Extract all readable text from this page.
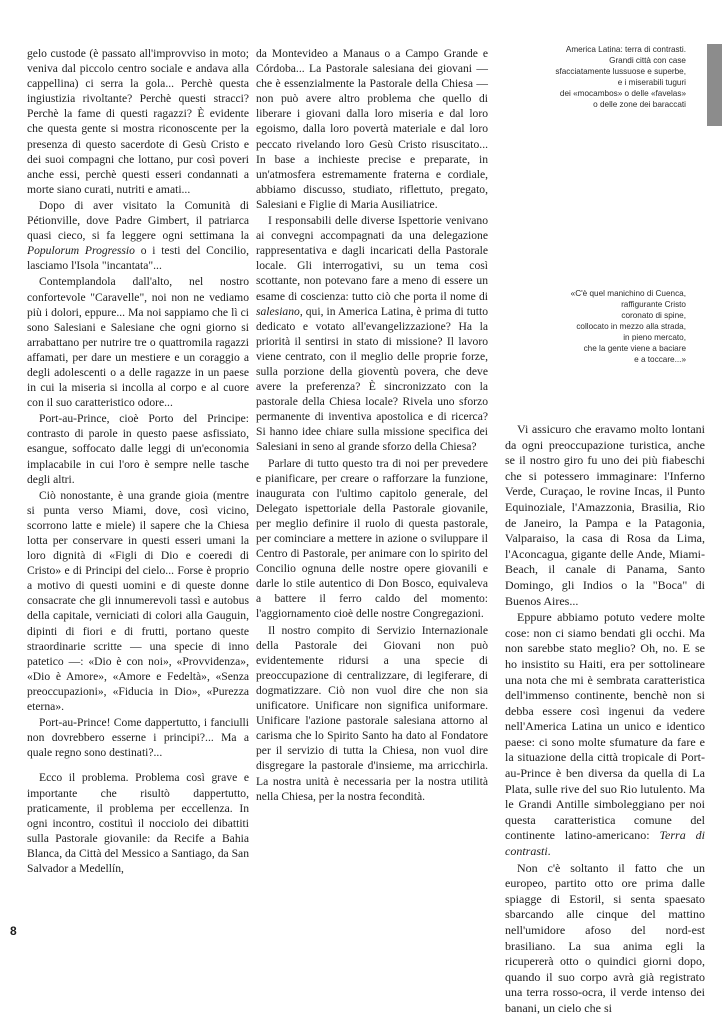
America Latina: terra di contrasti.
Grandi città con case
sfacciatamente lussuose e superbe,
e i miserabili tuguri
dei «mocambos» o delle «favelas»
o delle zone dei baraccati
«C'è quel manichino di Cuenca,
raffigurante Cristo
coronato di spine,
collocato in mezzo alla strada,
in pieno mercato,
che la gente viene a baciare
e a toccare...»

gelo custode (è passato all'improvviso in moto; veniva dal piccolo centro sociale e andava alla cappellina) ci serra la gola... Perchè questa ingiustizia rivoltante? Perchè questi stracci? Perchè la fame di questi ragazzi? È evidente che questa gente si mostra riconoscente per la presenza di questo sacerdote di Gesù Cristo e dei suoi compagni che lottano, pur così poveri anche essi, perchè questi esseri condannati a morte siano curati, nutriti e amati...

Dopo di aver visitato la Comunità di Pétionville, dove Padre Gimbert, il patriarca quasi cieco, si fa leggere ogni settimana la Populorum Progressio o i testi del Concilio, lasciamo l'Isola "incantata"...

Contemplandola dall'alto, nel nostro confortevole "Caravelle", noi non ne vediamo più i dolori, eppure... Ma noi sappiamo che lì ci sono Salesiani e Salesiane che ogni giorno si arrabattano per nutrire tre o quattromila ragazzi affamati, per dare un mestiere e un coraggio a degli adolescenti o a delle ragazze in un paese in cui la miseria si incolla al corpo e al cuore con il suo caratteristico odore...

Port-au-Prince, cioè Porto del Principe: contrasto di parole in questo paese asfissiato, esangue, soffocato dalle leggi di un'economia implacabile in cui l'oro è sempre nelle tasche degli altri.

Ciò nonostante, è una grande gioia (mentre si punta verso Miami, dove, così vicino, scorrono latte e miele) il sapere che la Chiesa lotta per conservare in questi esseri umani la loro dignità di «Figli di Dio e coeredi di Cristo» e di Principi del cielo... Forse è proprio a motivo di questi uomini e di queste donne consacrate che gli innumerevoli tassì e autobus della capitale, verniciati di colori alla Gauguin, dipinti di fiori e di frutti, portano queste straordinarie scritte — una specie di inno patetico —: «Dio è con noi», «Provvidenza», «Dio è Amore», «Amore e Fedeltà», «Senza preoccupazioni», «Fiducia in Dio», «Purezza eterna».

Port-au-Prince! Come dappertutto, i fanciulli non dovrebbero esserne i principi?... Ma a quale regno sono destinati?...

Ecco il problema. Problema così grave e importante che risultò dappertutto, praticamente, il problema per eccellenza. In ogni incontro, costituì il nocciolo dei dibattiti sulla Pastorale giovanile: da Recife a Bahia Blanca, da Città del Messico a Santiago, da San Salvador a Medellín,

da Montevideo a Manaus o a Campo Grande e Córdoba... La Pastorale salesiana dei giovani — che è essenzialmente la Pastorale della Chiesa — non può avere altro problema che quello di liberare i giovani dalla loro miseria e dal loro egoismo, dalla loro povertà materiale e dal loro peccato rivelando loro Gesù Cristo risuscitato... In base a inchieste precise e preparate, in un'atmosfera estremamente fraterna e cordiale, abbiamo discusso, studiato, riflettuto, pregato, Salesiani e Figlie di Maria Ausiliatrice.

I responsabili delle diverse Ispettorie venivano ai convegni accompagnati da una delegazione rappresentativa e dagli incaricati della Pastorale locale. Gli interrogativi, su un tema così scottante, non potevano fare a meno di essere un esame di coscienza: tutto ciò che porta il nome di salesiano, qui, in America Latina, è prima di tutto dedicato e votato all'evangelizzazione? Ha la priorità il sentirsi in stato di missione? Il lavoro viene centrato, con il meglio delle proprie forze, sulla porzione della gioventù povera, che deve avere la preferenza? È sincronizzato con la pastorale della Chiesa locale? Rivela uno sforzo permanente di inventiva apostolica e di ricerca? Si hanno idee chiare sulla missione specifica dei Salesiani in seno al grande sforzo della Chiesa?

Parlare di tutto questo tra di noi per prevedere e pianificare, per creare o rafforzare la funzione, inaugurata con l'ultimo capitolo generale, del Delegato ispettoriale della Pastorale giovanile, per meglio definire il ruolo di questa pastorale, per cominciare a mettere in azione o sviluppare il Centro di Pastorale, per animare con lo spirito del Concilio ognuna delle nostre opere giovanili e darle lo stile autentico di Don Bosco, equivaleva a battere il ferro caldo del momento: l'aggiornamento cioè delle nostre Congregazioni.

Il nostro compito di Servizio Internazionale della Pastorale dei Giovani non può evidentemente ridursi a una specie di preoccupazione di centralizzare, di legiferare, di dogmatizzare. Ciò non vuol dire che non sia unificatore. Unificare non significa uniformare. Unificare l'azione pastorale salesiana attorno al carisma che lo Spirito Santo ha dato al Fondatore per il servizio di tutta la Chiesa, non vuol dire disgregare la pastorale d'insieme, ma arricchirla. La nostra unità è necessaria per la nostra utilità nella Chiesa, per la nostra fecondità.

Vi assicuro che eravamo molto lontani da ogni preoccupazione turistica, anche se il nostro giro fu uno dei più fiabeschi che si potessero immaginare: l'Inferno Verde, Curaçao, le rovine Incas, il Punto Equinoziale, l'Amazzonia, Brasilia, Rio de Janeiro, la Pampa e la Patagonia, Valparaiso, la casa di Rosa da Lima, l'Aconcagua, gigante delle Ande, Miami-Beach, il canale di Panama, Santo Domingo, gli Indios o la "Boca" di Buenos Aires...

Eppure abbiamo potuto vedere molte cose: non ci siamo bendati gli occhi. Ma non sarebbe stato meglio? Oh, no. E se ho insistito su Haiti, era per sottolineare una nota che mi è sembrata caratteristica dell'immenso continente, benchè non si debba essere così ingenui da vedere nell'America Latina un unico e identico paese: ci sono molte sfumature da fare e la situazione della città tropicale di Port-au-Prince è ben diversa da quella di La Plata, sulle rive del suo Rio lutulento. Ma le Grandi Antille simboleggiano per noi questa caratteristica comune del continente latino-americano: Terra di contrasti.

Non c'è soltanto il fatto che un europeo, partito otto ore prima dalle spiagge di Estoril, si senta spaesato sbarcando alle cinque del mattino nell'umidore afoso del nord-est brasiliano. La sua anima egli la ricupererà otto o quindici giorni dopo, quando il suo corpo avrà già registrato una terra rosso-ocra, il verde intenso dei banani, un cielo che si

8
